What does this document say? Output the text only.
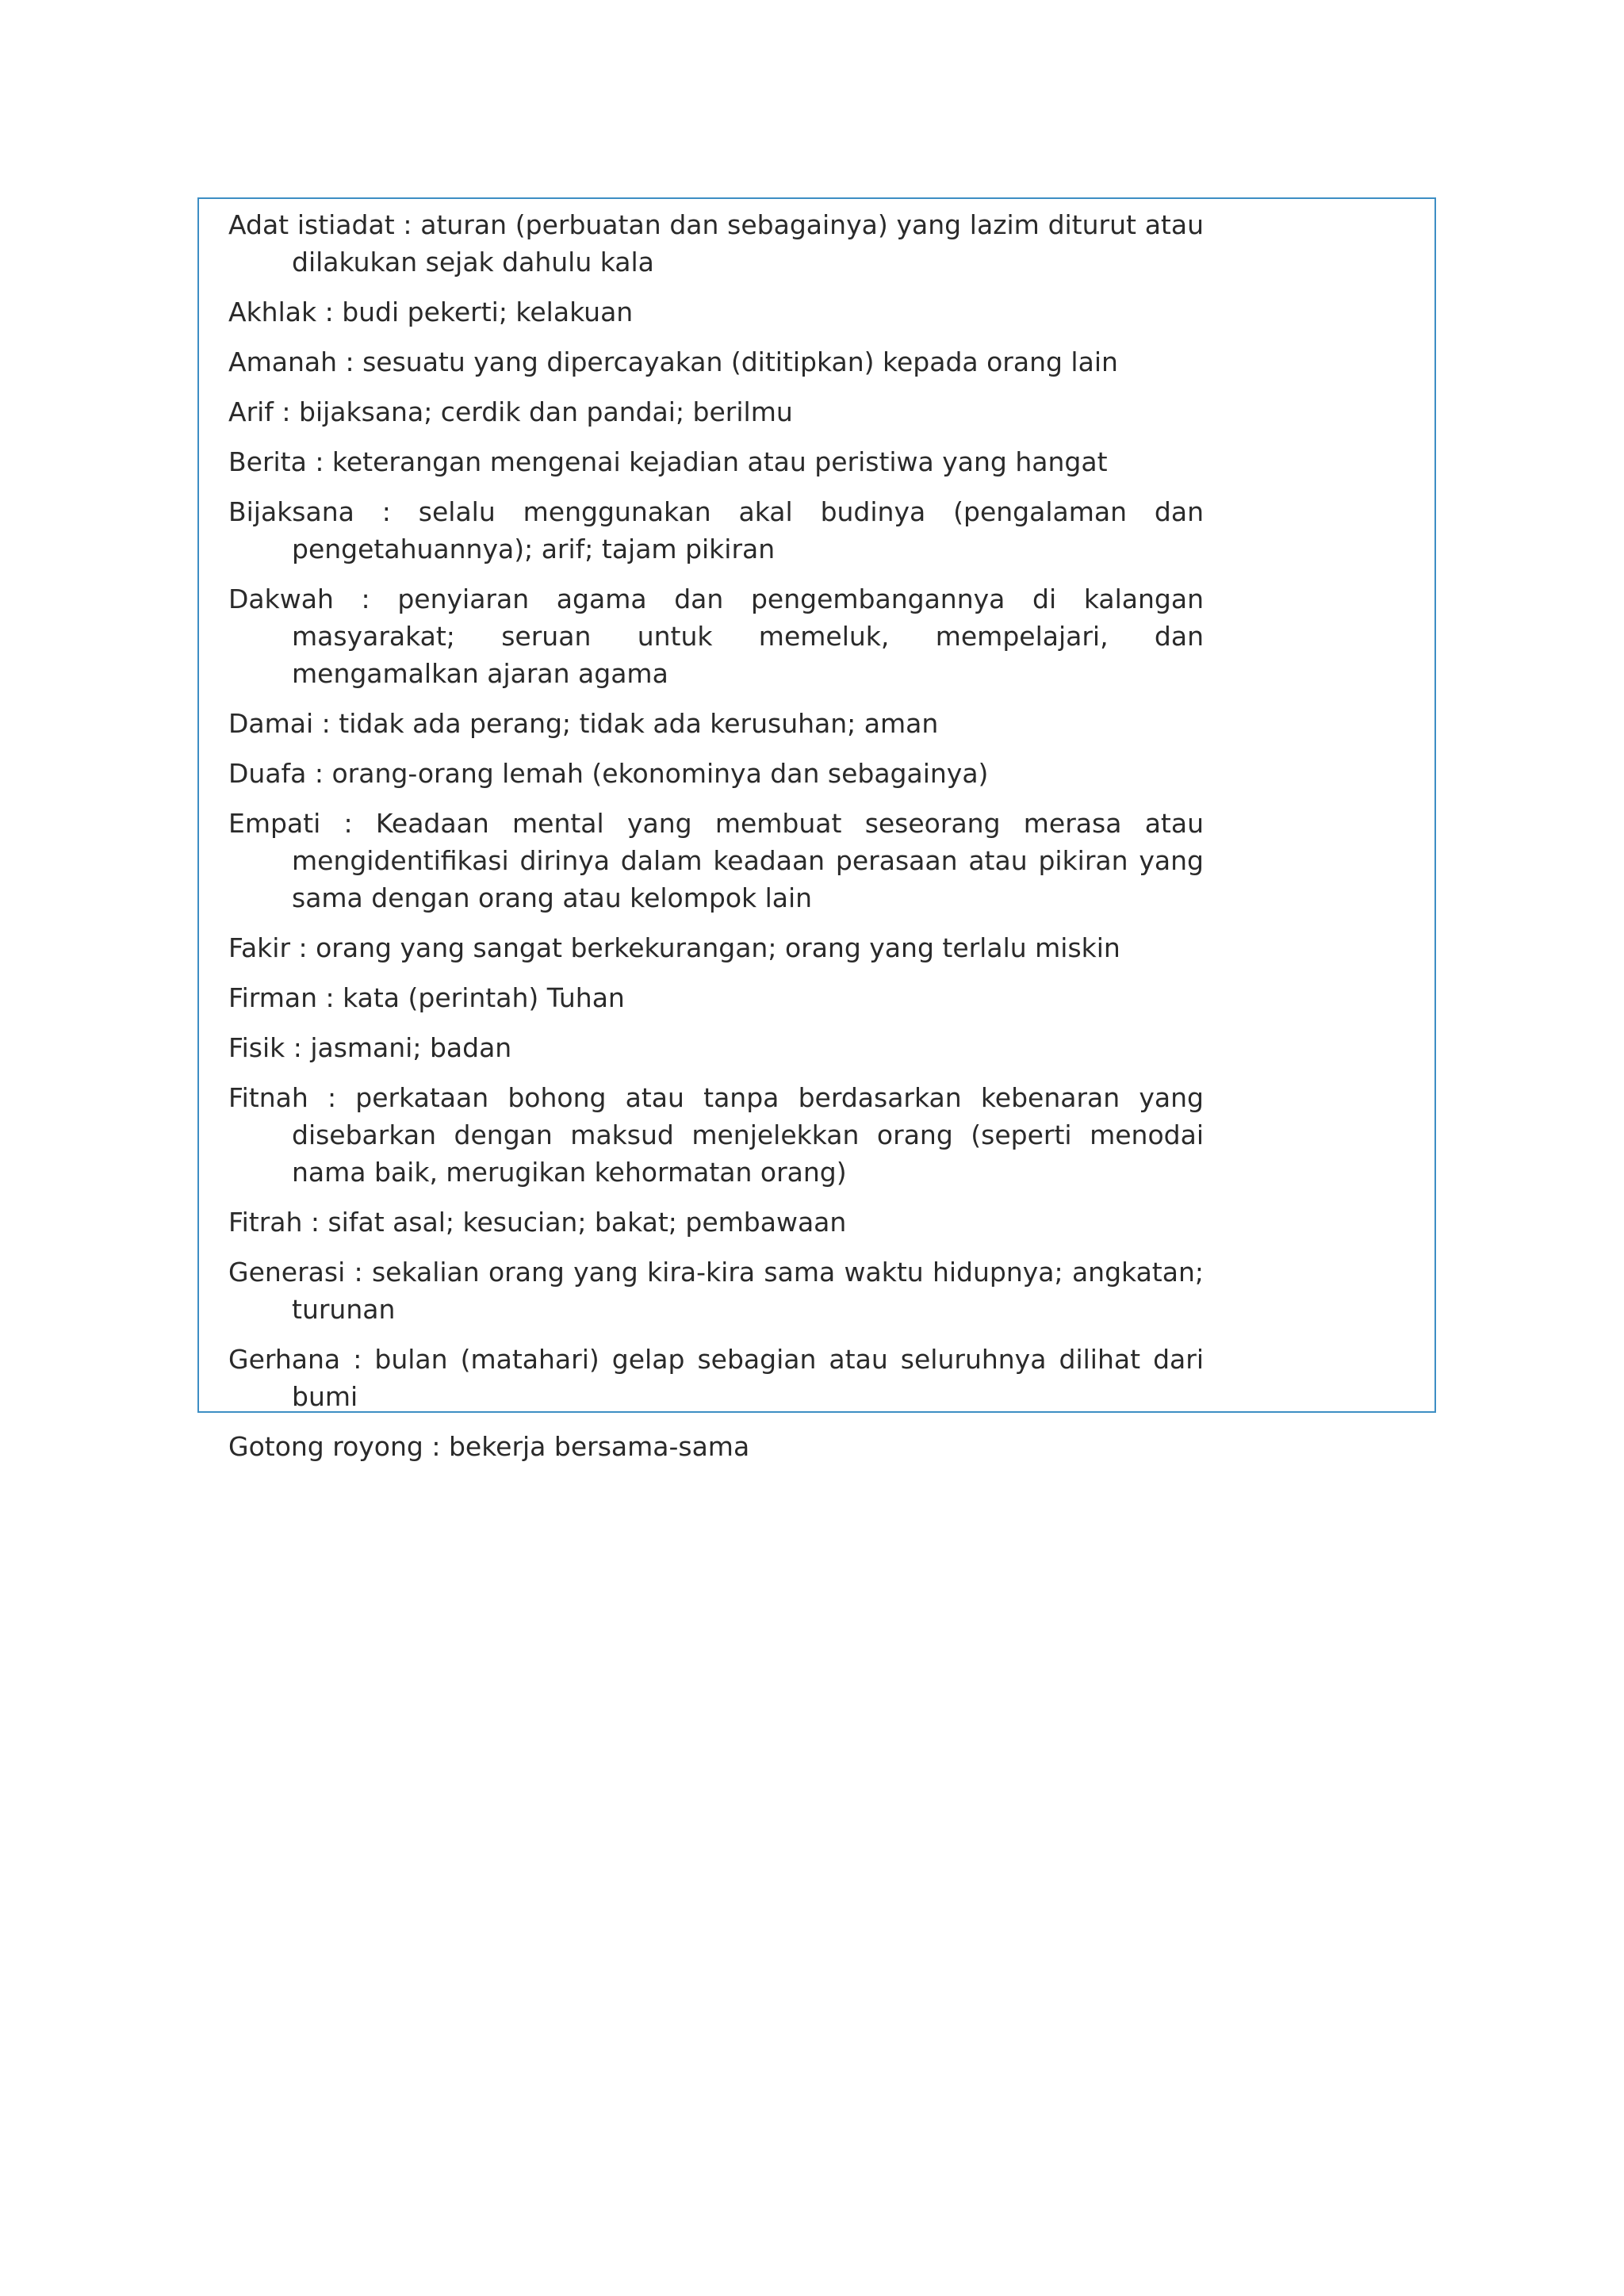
Adat istiadat : aturan (perbuatan dan sebagainya) yang lazim diturut atau dilakukan sejak dahulu kala

Akhlak : budi pekerti; kelakuan

Amanah : sesuatu yang dipercayakan (dititipkan) kepada orang lain

Arif : bijaksana; cerdik dan pandai; berilmu

Berita : keterangan mengenai kejadian atau peristiwa yang hangat

Bijaksana : selalu menggunakan akal budinya (pengalaman dan pengetahuannya); arif; tajam pikiran

Dakwah : penyiaran agama dan pengembangannya di kalangan masyarakat; seruan untuk memeluk, mempelajari, dan mengamalkan ajaran agama

Damai : tidak ada perang; tidak ada kerusuhan; aman

Duafa : orang-orang lemah (ekonominya dan sebagainya)

Empati : Keadaan mental yang membuat seseorang merasa atau mengidentifikasi dirinya dalam keadaan perasaan atau pikiran yang sama dengan orang atau kelompok lain

Fakir : orang yang sangat berkekurangan; orang yang terlalu miskin

Firman : kata (perintah) Tuhan

Fisik : jasmani; badan

Fitnah : perkataan bohong atau tanpa berdasarkan kebenaran yang disebarkan dengan maksud menjelekkan orang (seperti menodai nama baik, merugikan kehormatan orang)

Fitrah : sifat asal; kesucian; bakat; pembawaan

Generasi : sekalian orang yang kira-kira sama waktu hidupnya; angkatan; turunan

Gerhana : bulan (matahari) gelap sebagian atau seluruhnya dilihat dari bumi

Gotong royong : bekerja bersama-sama
